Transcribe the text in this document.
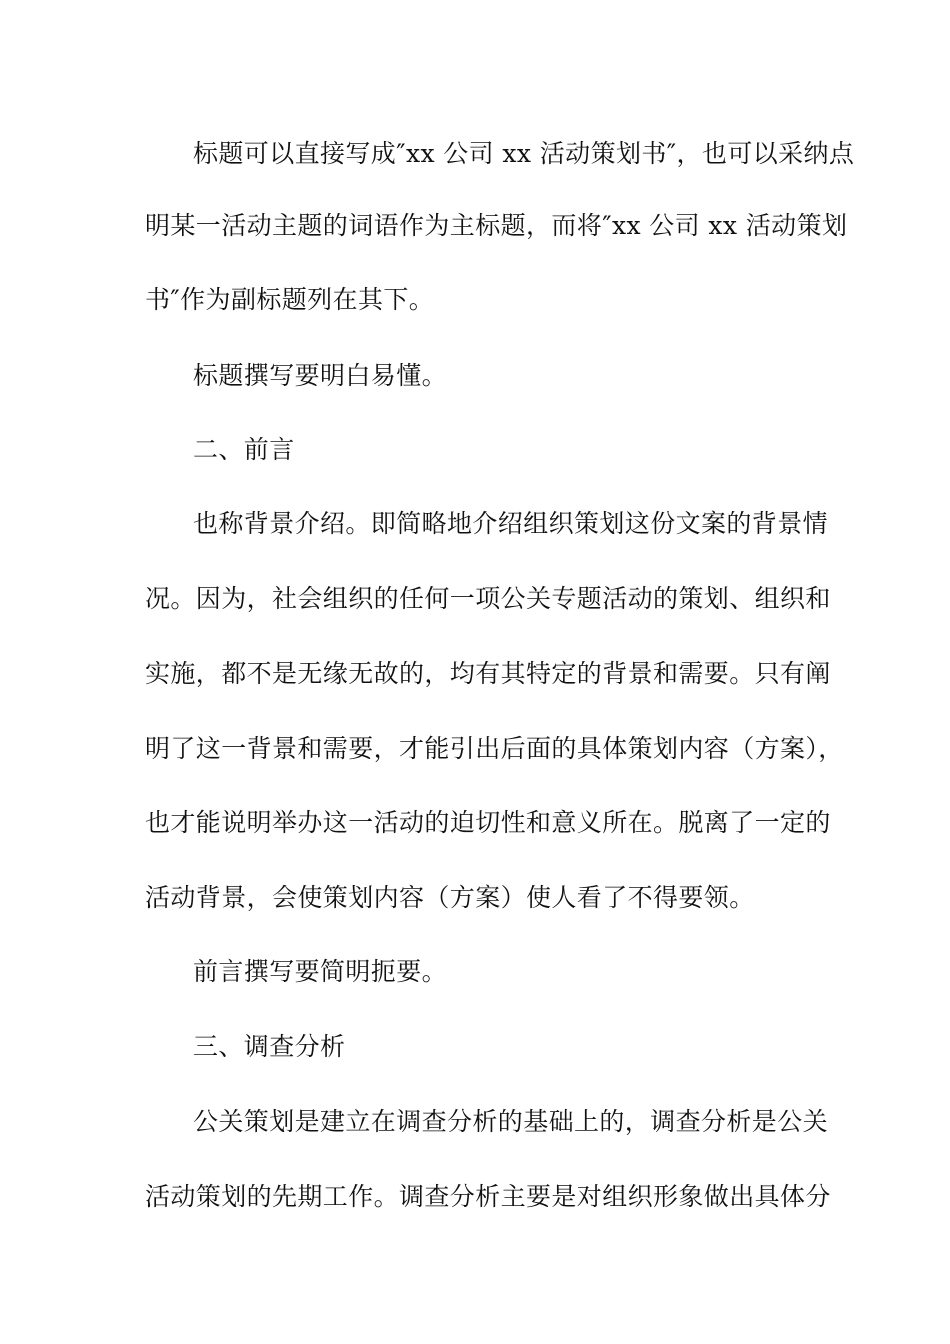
标题可以直接写成″xx 公司 xx 活动策划书″，也可以采纳点
明某一活动主题的词语作为主标题，而将″xx 公司 xx 活动策划
书″作为副标题列在其下。
标题撰写要明白易懂。
二、前言
也称背景介绍。即简略地介绍组织策划这份文案的背景情
况。因为，社会组织的任何一项公关专题活动的策划、组织和
实施，都不是无缘无故的，均有其特定的背景和需要。只有阐
明了这一背景和需要，才能引出后面的具体策划内容（方案），
也才能说明举办这一活动的迫切性和意义所在。脱离了一定的
活动背景，会使策划内容（方案）使人看了不得要领。
前言撰写要简明扼要。
三、调查分析
公关策划是建立在调查分析的基础上的，调查分析是公关
活动策划的先期工作。调查分析主要是对组织形象做出具体分
